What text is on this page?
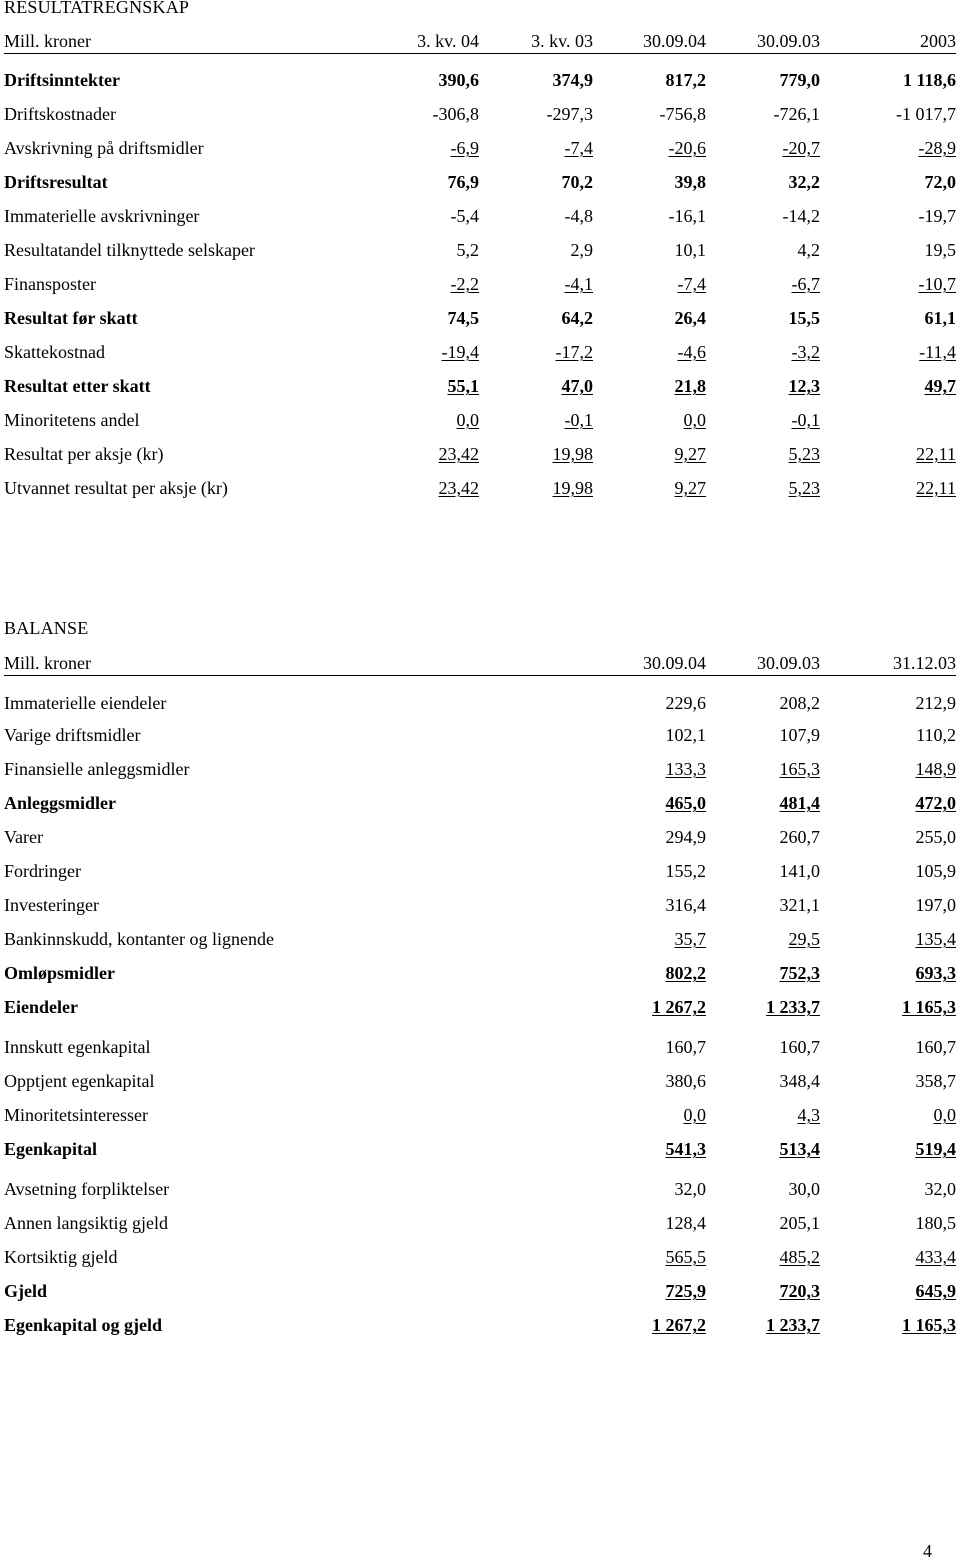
RESULTATREGNSKAP
Mill. kroner	3. kv. 04	3. kv. 03	30.09.04	30.09.03	2003
Driftsinntekter	390,6	374,9	817,2	779,0	1 118,6
Driftskostnader	-306,8	-297,3	-756,8	-726,1	-1 017,7
Avskrivning på driftsmidler	-6,9	-7,4	-20,6	-20,7	-28,9
Driftsresultat	76,9	70,2	39,8	32,2	72,0
Immaterielle avskrivninger	-5,4	-4,8	-16,1	-14,2	-19,7
Resultatandel tilknyttede selskaper	5,2	2,9	10,1	4,2	19,5
Finansposter	-2,2	-4,1	-7,4	-6,7	-10,7
Resultat før skatt	74,5	64,2	26,4	15,5	61,1
Skattekostnad	-19,4	-17,2	-4,6	-3,2	-11,4
Resultat etter skatt	55,1	47,0	21,8	12,3	49,7
Minoritetens andel	0,0	-0,1	0,0	-0,1
Resultat per aksje (kr)	23,42	19,98	9,27	5,23	22,11
Utvannet resultat per aksje (kr)	23,42	19,98	9,27	5,23	22,11
BALANSE
Mill. kroner	30.09.04	30.09.03	31.12.03
Immaterielle eiendeler	229,6	208,2	212,9
Varige driftsmidler	102,1	107,9	110,2
Finansielle anleggsmidler	133,3	165,3	148,9
Anleggsmidler	465,0	481,4	472,0
Varer	294,9	260,7	255,0
Fordringer	155,2	141,0	105,9
Investeringer	316,4	321,1	197,0
Bankinnskudd, kontanter og lignende	35,7	29,5	135,4
Omløpsmidler	802,2	752,3	693,3
Eiendeler	1 267,2	1 233,7	1 165,3
Innskutt egenkapital	160,7	160,7	160,7
Opptjent egenkapital	380,6	348,4	358,7
Minoritetsinteresser	0,0	4,3	0,0
Egenkapital	541,3	513,4	519,4
Avsetning forpliktelser	32,0	30,0	32,0
Annen langsiktig gjeld	128,4	205,1	180,5
Kortsiktig gjeld	565,5	485,2	433,4
Gjeld	725,9	720,3	645,9
Egenkapital og gjeld	1 267,2	1 233,7	1 165,3
4
